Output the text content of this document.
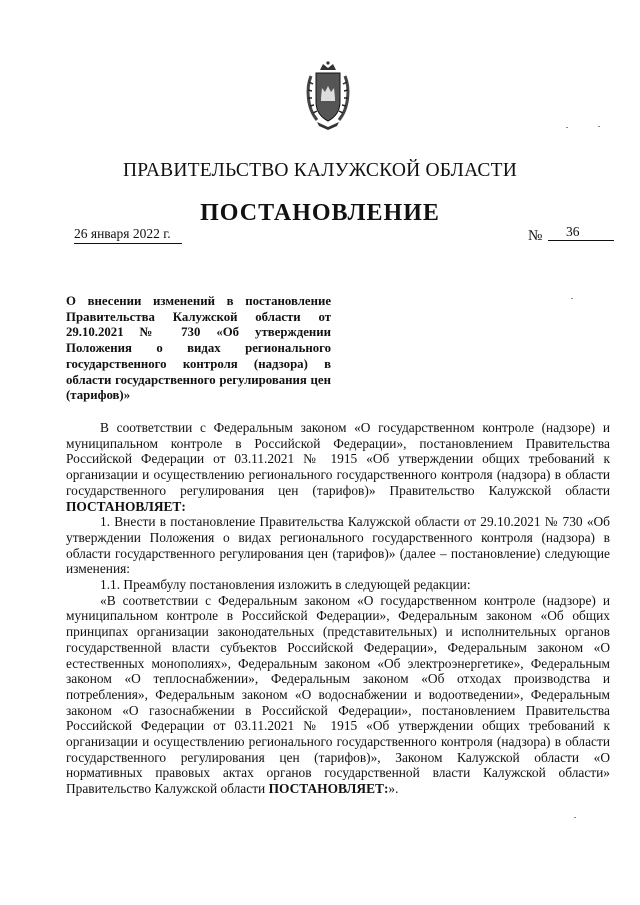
ПРАВИТЕЛЬСТВО КАЛУЖСКОЙ ОБЛАСТИ
ПОСТАНОВЛЕНИЕ
26 января 2022 г.	№	36
О внесении изменений в постановление Правительства Калужской области от 29.10.2021 № 730 «Об утверждении Положения о видах регионального государственного контроля (надзора) в области государственного регулирования цен (тарифов)»

В соответствии с Федеральным законом «О государственном контроле (надзоре) и муниципальном контроле в Российской Федерации», постановлением Правительства Российской Федерации от 03.11.2021 № 1915 «Об утверждении общих требований к организации и осуществлению регионального государственного контроля (надзора) в области государственного регулирования цен (тарифов)» Правительство Калужской области ПОСТАНОВЛЯЕТ:

1. Внести в постановление Правительства Калужской области от 29.10.2021 № 730 «Об утверждении Положения о видах регионального государственного контроля (надзора) в области государственного регулирования цен (тарифов)» (далее – постановление) следующие изменения:

1.1. Преамбулу постановления изложить в следующей редакции:

«В соответствии с Федеральным законом «О государственном контроле (надзоре) и муниципальном контроле в Российской Федерации», Федеральным законом «Об общих принципах организации законодательных (представительных) и исполнительных органов государственной власти субъектов Российской Федерации», Федеральным законом «О естественных монополиях», Федеральным законом «Об электроэнергетике», Федеральным законом «О теплоснабжении», Федеральным законом «Об отходах производства и потребления», Федеральным законом «О водоснабжении и водоотведении», Федеральным законом «О газоснабжении в Российской Федерации», постановлением Правительства Российской Федерации от 03.11.2021 № 1915 «Об утверждении общих требований к организации и осуществлению регионального государственного контроля (надзора) в области государственного регулирования цен (тарифов)», Законом Калужской области «О нормативных правовых актах органов государственной власти Калужской области» Правительство Калужской области ПОСТАНОВЛЯЕТ:».
